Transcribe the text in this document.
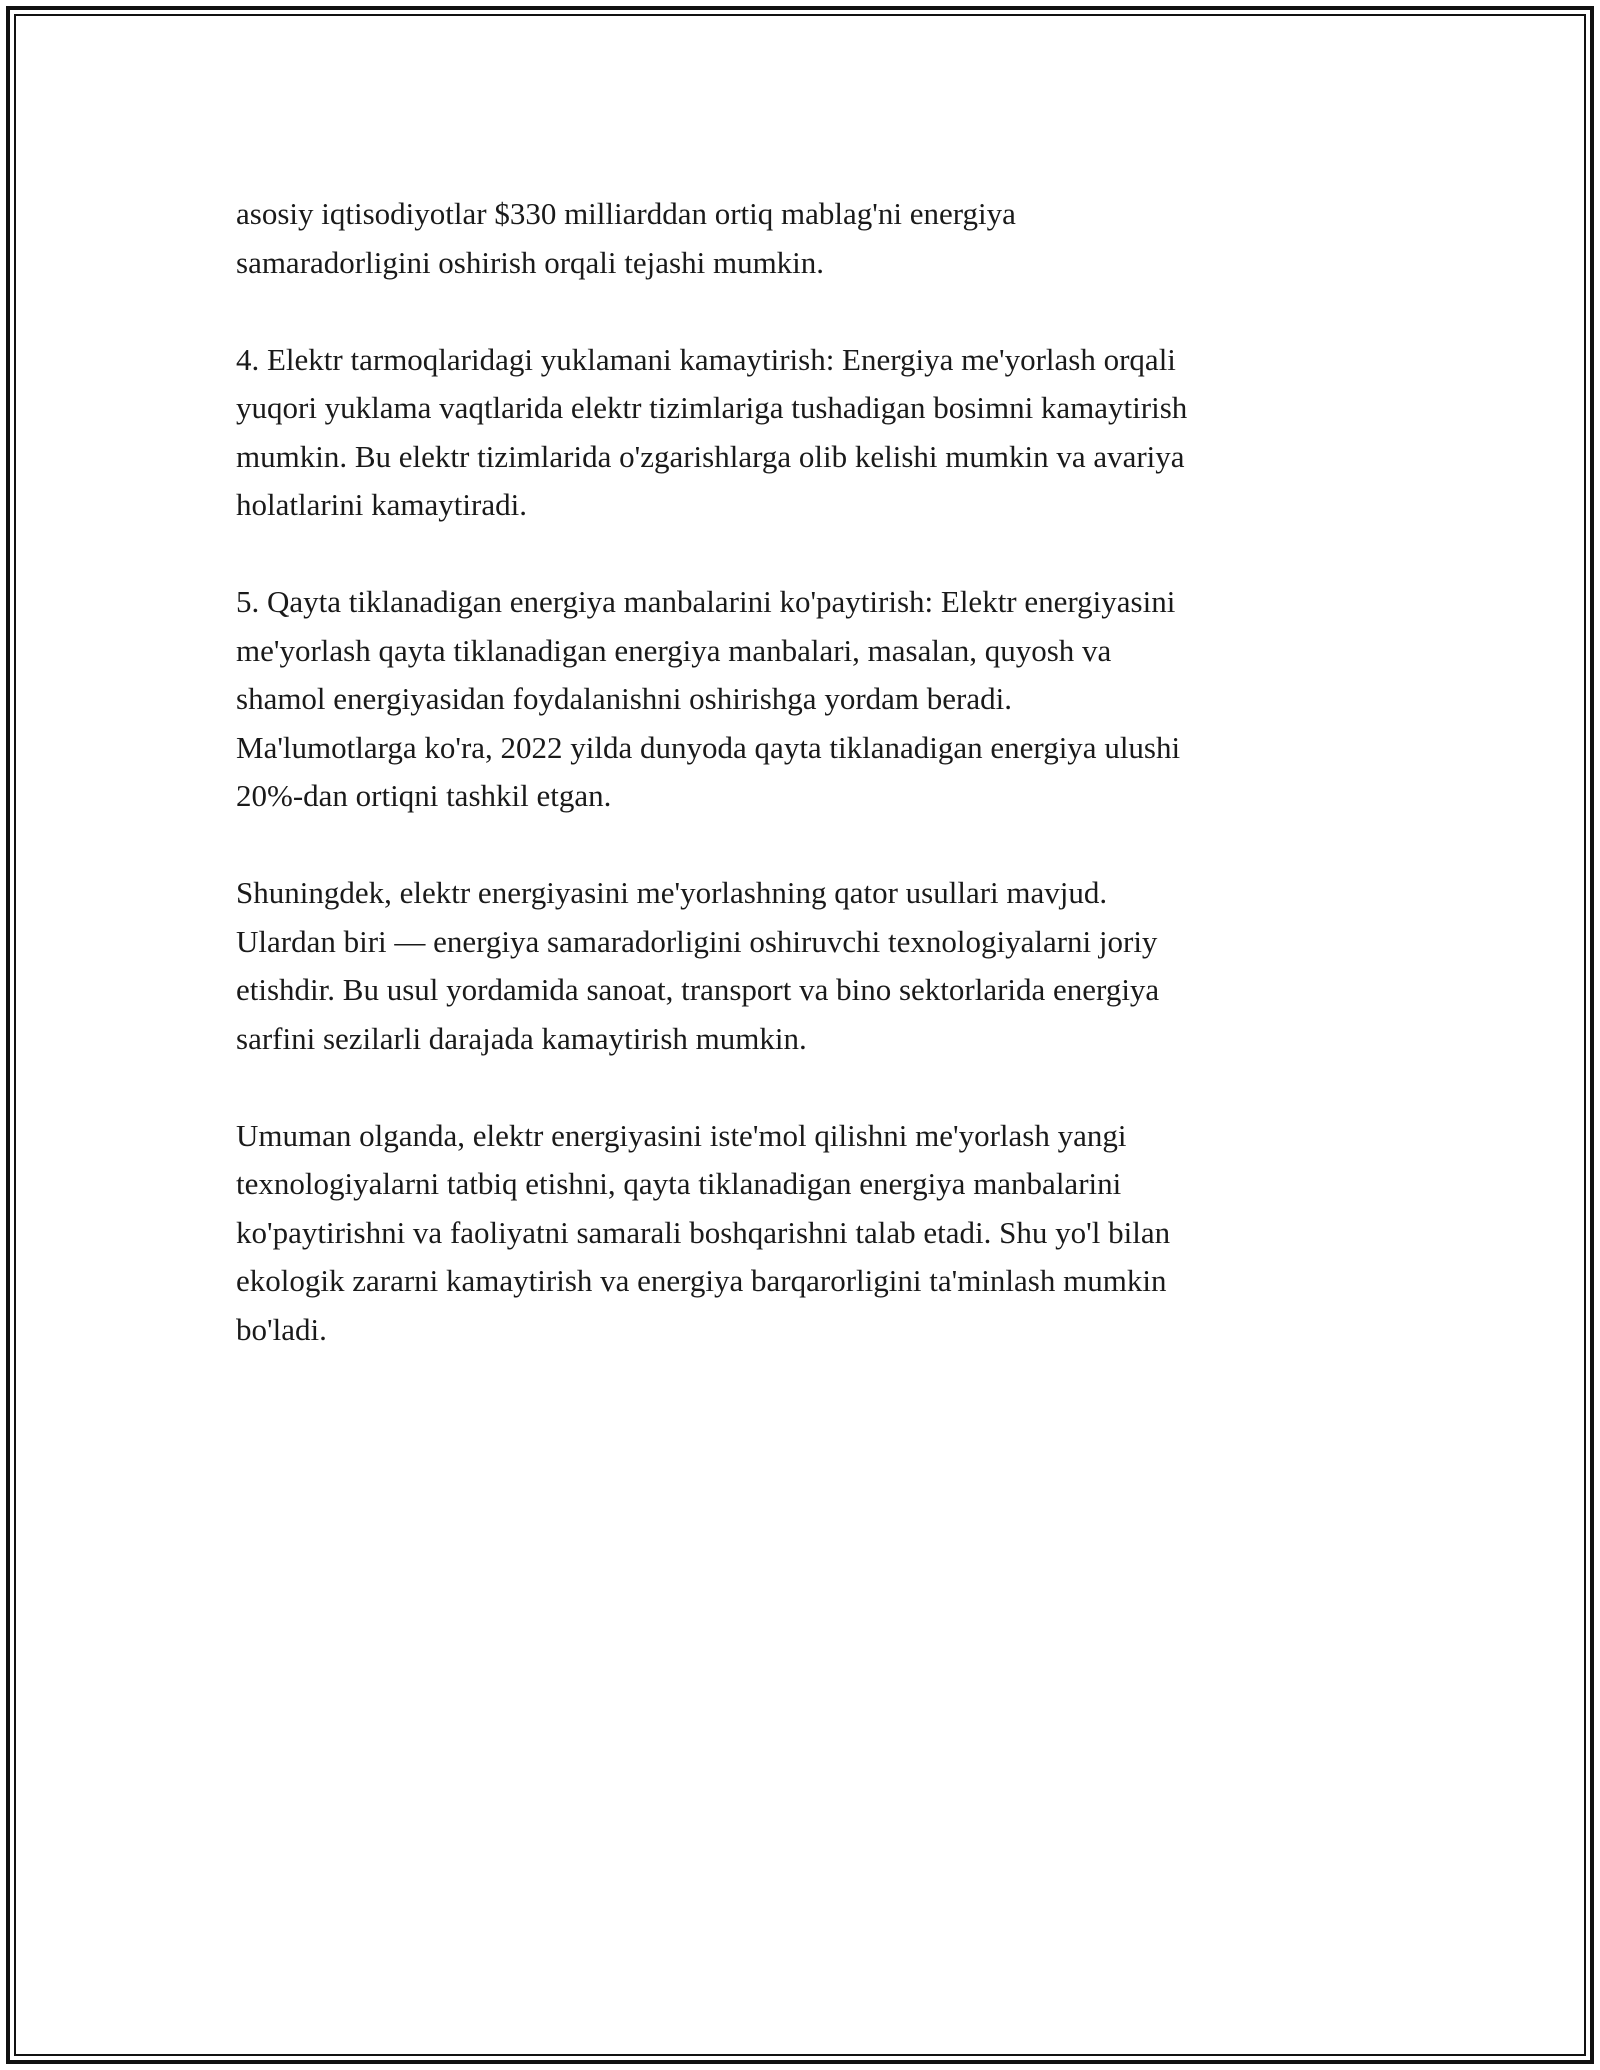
asosiy iqtisodiyotlar $330 milliarddan ortiq mablag'ni energiya
samaradorligini oshirish orqali tejashi mumkin.

4. Elektr tarmoqlaridagi yuklamani kamaytirish: Energiya me'yorlash orqali
yuqori yuklama vaqtlarida elektr tizimlariga tushadigan bosimni kamaytirish
mumkin. Bu elektr tizimlarida o'zgarishlarga olib kelishi mumkin va avariya
holatlarini kamaytiradi.

5. Qayta tiklanadigan energiya manbalarini ko'paytirish: Elektr energiyasini
me'yorlash qayta tiklanadigan energiya manbalari, masalan, quyosh va
shamol energiyasidan foydalanishni oshirishga yordam beradi.
Ma'lumotlarga ko'ra, 2022 yilda dunyoda qayta tiklanadigan energiya ulushi
20%-dan ortiqni tashkil etgan.

Shuningdek, elektr energiyasini me'yorlashning qator usullari mavjud.
Ulardan biri — energiya samaradorligini oshiruvchi texnologiyalarni joriy
etishdir. Bu usul yordamida sanoat, transport va bino sektorlarida energiya
sarfini sezilarli darajada kamaytirish mumkin.

Umuman olganda, elektr energiyasini iste'mol qilishni me'yorlash yangi
texnologiyalarni tatbiq etishni, qayta tiklanadigan energiya manbalarini
ko'paytirishni va faoliyatni samarali boshqarishni talab etadi. Shu yo'l bilan
ekologik zararni kamaytirish va energiya barqarorligini ta'minlash mumkin
bo'ladi.
